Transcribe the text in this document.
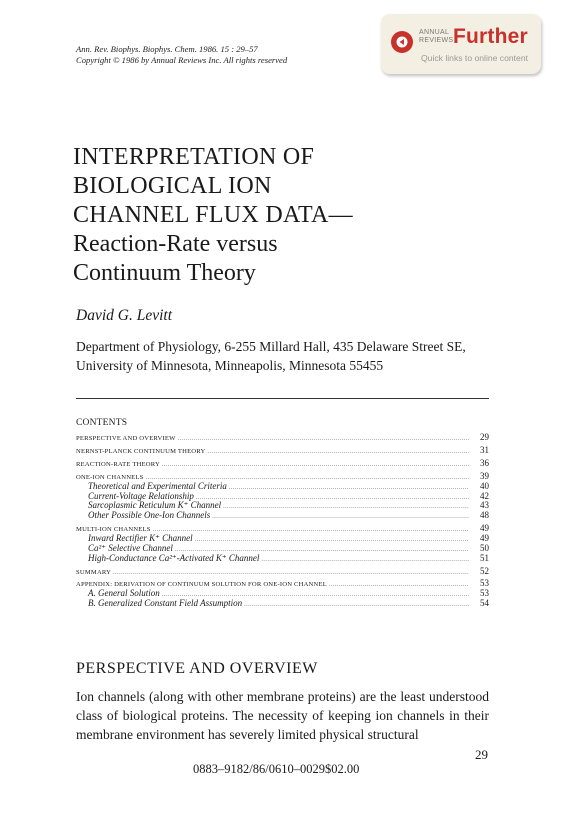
Ann. Rev. Biophys. Biophys. Chem. 1986. 15 : 29–57
Copyright © 1986 by Annual Reviews Inc. All rights reserved
ANNUAL
REVIEWS Further
Quick links to online content
INTERPRETATION OF
BIOLOGICAL ION
CHANNEL FLUX DATA—
Reaction-Rate versus
Continuum Theory
David G. Levitt
Department of Physiology, 6-255 Millard Hall, 435 Delaware Street SE,
University of Minnesota, Minneapolis, Minnesota 55455
CONTENTS
PERSPECTIVE AND OVERVIEW .....	29
NERNST-PLANCK CONTINUUM THEORY .....	31
REACTION-RATE THEORY .....	36
ONE-ION CHANNELS .....	39
Theoretical and Experimental Criteria .....	40
Current-Voltage Relationship .....	42
Sarcoplasmic Reticulum K⁺ Channel .....	43
Other Possible One-Ion Channels .....	48
MULTI-ION CHANNELS .....	49
Inward Rectifier K⁺ Channel .....	49
Ca²⁺ Selective Channel .....	50
High-Conductance Ca²⁺-Activated K⁺ Channel .....	51
SUMMARY .....	52
APPENDIX: DERIVATION OF CONTINUUM SOLUTION FOR ONE-ION CHANNEL .....	53
A. General Solution .....	53
B. Generalized Constant Field Assumption .....	54
PERSPECTIVE AND OVERVIEW
Ion channels (along with other membrane proteins) are the least understood class of biological proteins. The necessity of keeping ion channels in their membrane environment has severely limited physical structural
29
0883–9182/86/0610–0029$02.00
